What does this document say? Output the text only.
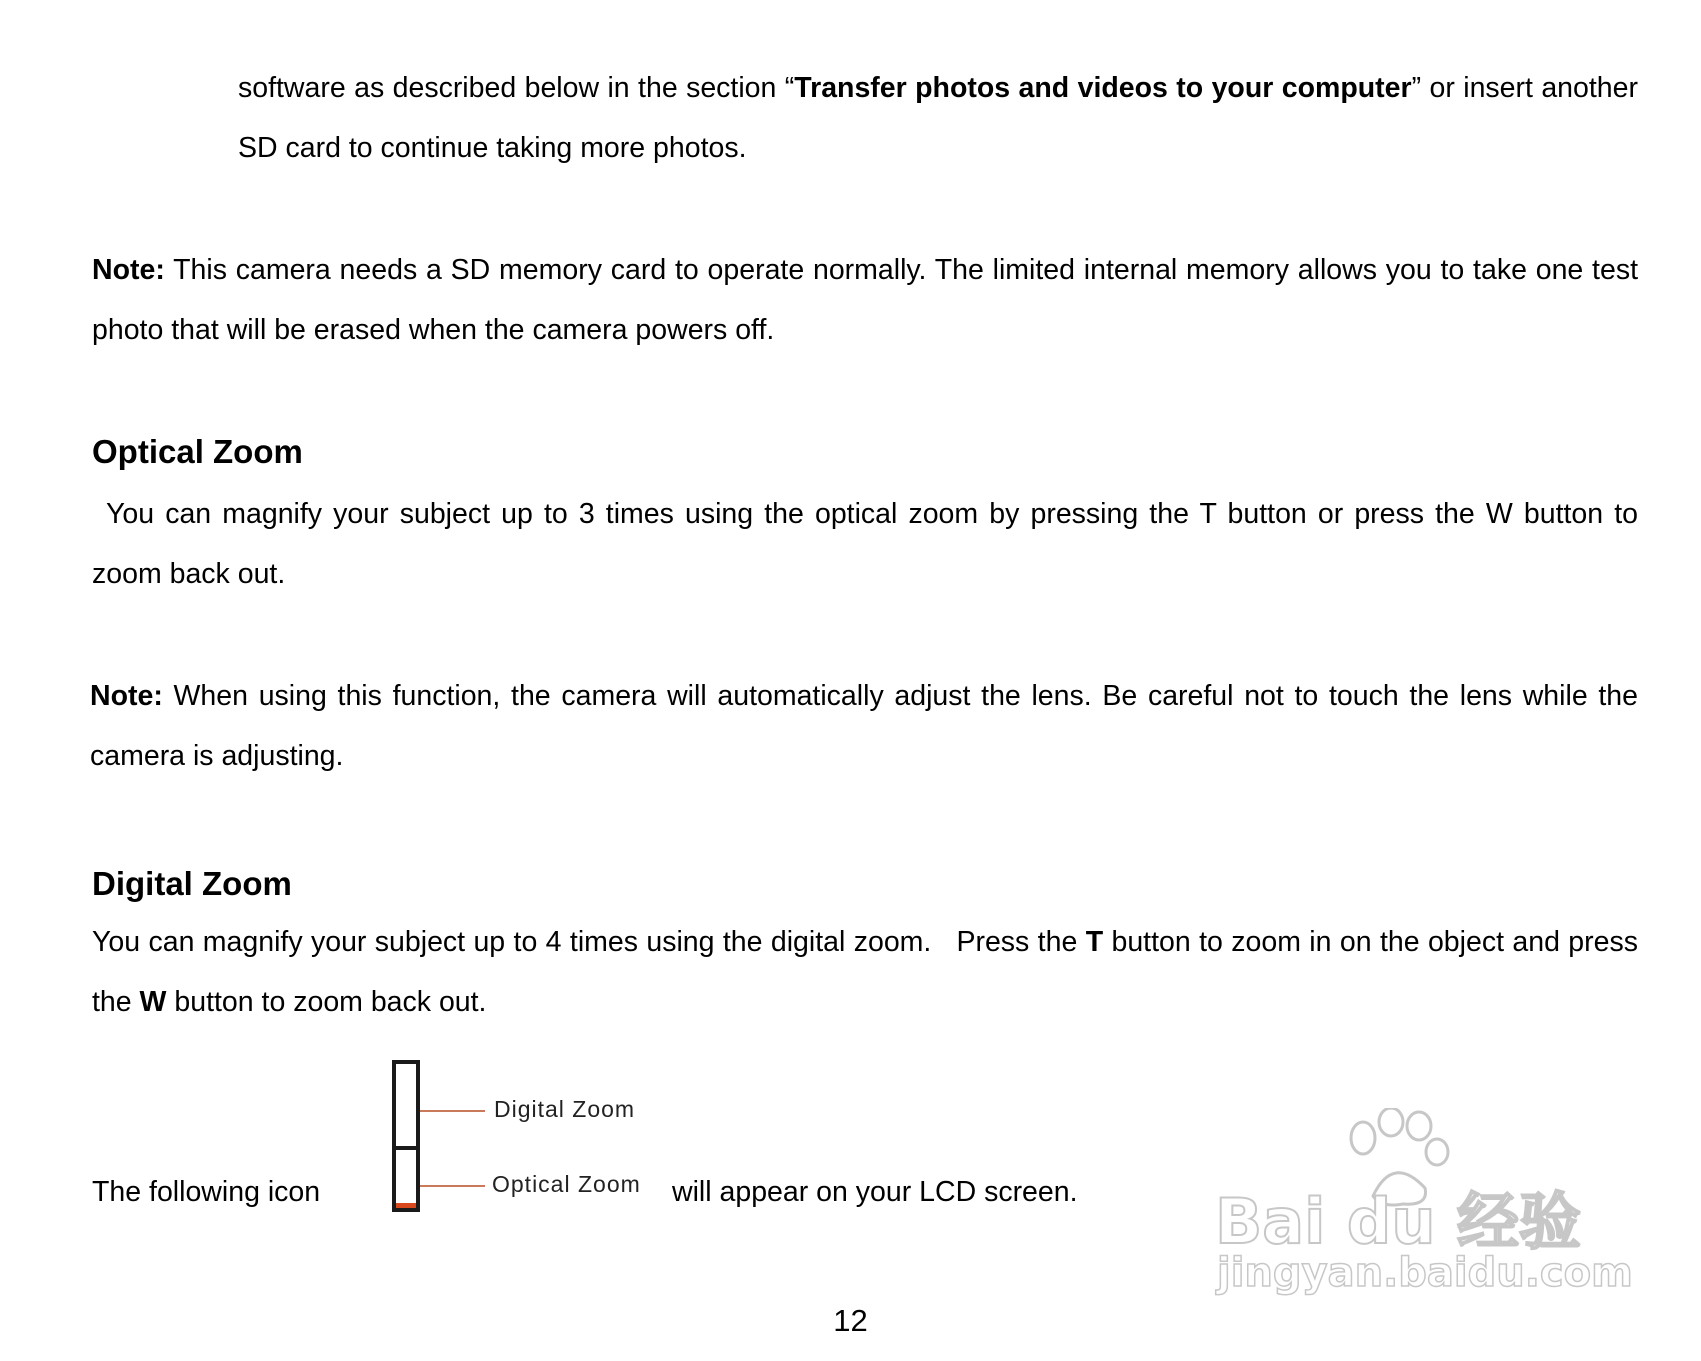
software as described below in the section “Transfer photos and videos to your computer” or insert another SD card to continue taking more photos.
Note: This camera needs a SD memory card to operate normally. The limited internal memory allows you to take one test photo that will be erased when the camera powers off.
Optical Zoom
You can magnify your subject up to 3 times using the optical zoom by pressing the T button or press the W button to zoom back out.
Note: When using this function, the camera will automatically adjust the lens. Be careful not to touch the lens while the camera is adjusting.
Digital Zoom
You can magnify your subject up to 4 times using the digital zoom.   Press the T button to zoom in on the object and press the W button to zoom back out.
The following icon
Digital Zoom
Optical Zoom will appear on your LCD screen. Bai du 经验
jingyan.baidu.com
12
